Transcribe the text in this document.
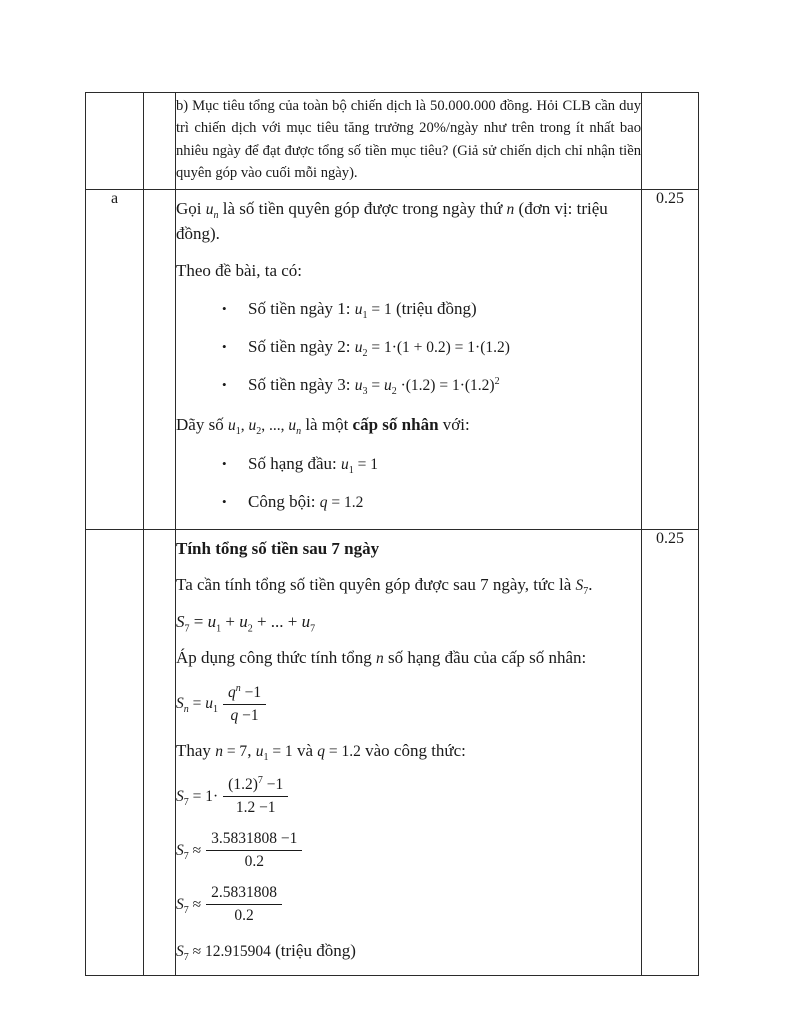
		b) Mục tiêu tổng của toàn bộ chiến dịch là 50.000.000 đồng. Hỏi CLB cần duy trì chiến dịch với mục tiêu tăng trưởng 20%/ngày như trên trong ít nhất bao nhiêu ngày để đạt được tổng số tiền mục tiêu? (Giả sử chiến dịch chỉ nhận tiền quyên góp vào cuối mỗi ngày).	

a		

Gọi $u_n$ là số tiền quyên góp được trong ngày thứ n (đơn vị: triệu đồng).

Theo đề bài, ta có:

• Số tiền ngày 1: $u_1 = 1$ (triệu đồng)
• Số tiền ngày 2: $u_2 = 1\cdot(1 + 0.2) = 1\cdot(1.2)$
• Số tiền ngày 3: $u_3 = u_2 \cdot(1.2) = 1\cdot(1.2)^2$

Dãy số $u_1$, $u_2$, ..., $u_n$ là một cấp số nhân với:

• Số hạng đầu: $u_1 = 1$
• Công bội: q = 1.2
	0.25

Tính tổng số tiền sau 7 ngày

Ta cần tính tổng số tiền quyên góp được sau 7 ngày, tức là $S_7$.

$S_7 = u_1 + u_2$ + ... + $u_7$

Áp dụng công thức tính tổng n số hạng đầu của cấp số nhân:

$S_n = u_1 \frac{q^n -1}{q -1}$

Thay n = 7, $u_1 = 1$ và q = 1.2 vào công thức:

$S_7 = 1\cdot \frac{(1.2)^7 -1}{1.2 -1}$
$S_7 \approx \frac{3.5831808 -1}{0.2}$
$S_7 \approx \frac{2.5831808}{0.2}$

$S_7 \approx 12.915904$ (triệu đồng)

	0.25
